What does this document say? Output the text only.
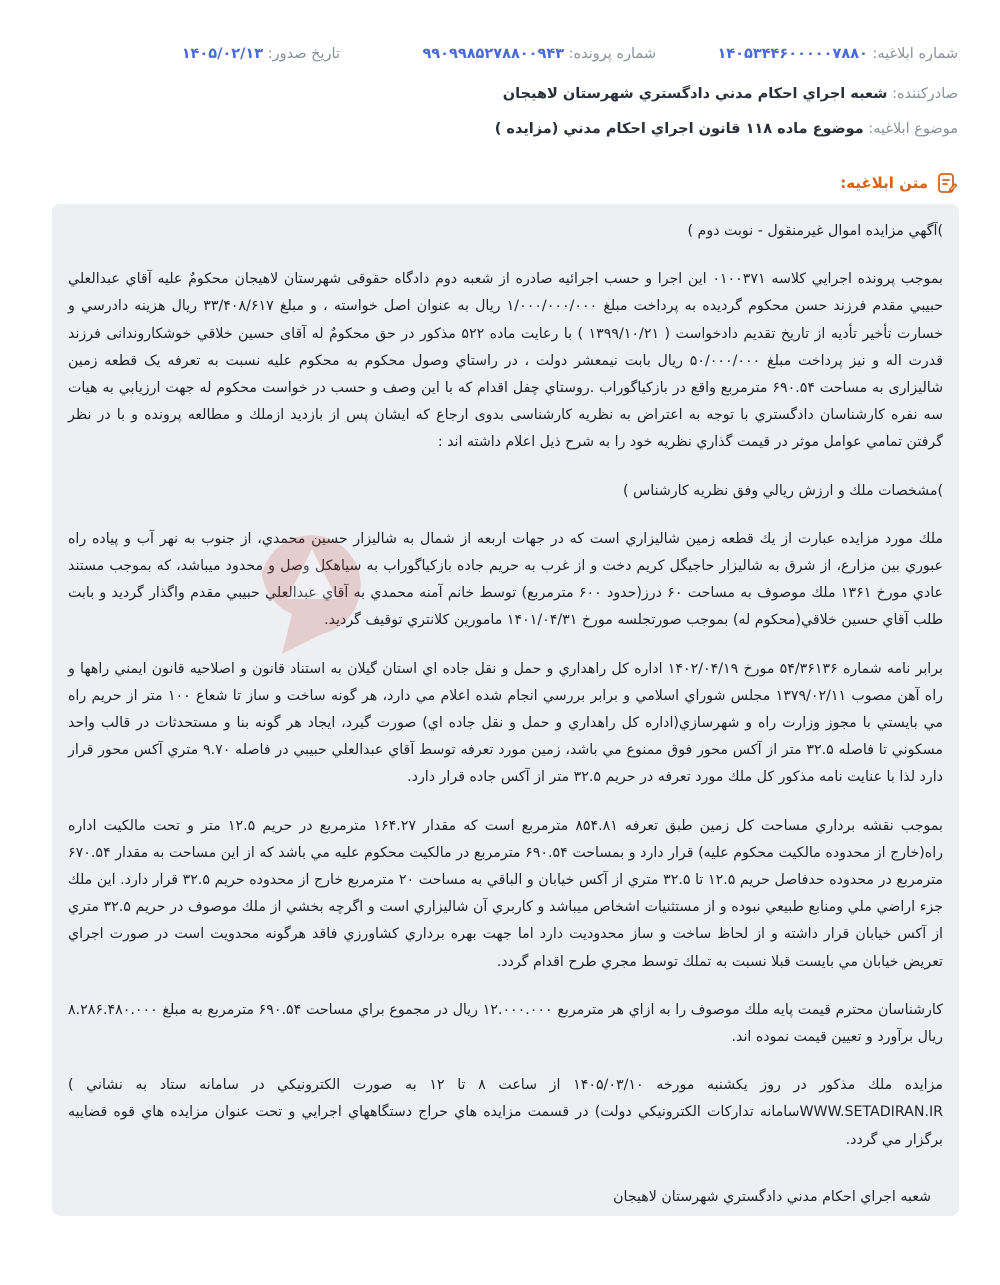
شماره ابلاغيه: ۱۴۰۵۳۴۴۶۰۰۰۰۰۷۸۸۰
شماره پرونده: ۹۹۰۹۹۸۵۲۷۸۸۰۰۹۴۳
تاريخ صدور: ۱۴۰۵/۰۲/۱۳
صادرکننده: شعبه اجراي احكام مدني دادگستري شهرستان لاهيجان
موضوع ابلاغيه: موضوع ماده ۱۱۸ قانون اجراي احكام مدني (مزايده )
متن ابلاغيه:

)آگهي مزايده اموال غيرمنقول - نوبت دوم )

بموجب پرونده اجرايي كلاسه ۰۱۰۰۳۷۱ اين اجرا و حسب اجرائيه صادره از شعبه دوم دادگاه حقوقی شهرستان لاهيجان محكومٌ عليه آقاي عبدالعلي حبيبي مقدم فرزند حسن محكوم گرديده به پرداخت مبلغ ۱/۰۰۰/۰۰۰/۰۰۰ ريال به عنوان اصل خواسته ، و مبلغ ۳۳/۴۰۸/۶۱۷ ريال هزينه دادرسي و خسارت تأخير تأديه از تاريخ تقديم دادخواست ( ۱۳۹۹/۱۰/۲۱ ) با رعايت ماده ۵۲۲ مذكور در حق محكومٌ له آقای حسين خلاقي خوشكاروندانی فرزند قدرت اله و نيز پرداخت مبلغ ۵۰/۰۰۰/۰۰۰ ريال بابت نيمعشر دولت ، در راستاي وصول محكوم به محكوم عليه نسبت به تعرفه يک قطعه زمين شاليزاری به مساحت ۶۹۰.۵۴ مترمربع واقع در بازكياگوراب .روستاي چفل اقدام كه با اين وصف و حسب در خواست محكوم له جهت ارزيابي به هيات سه نفره كارشناسان دادگستري با توجه به اعتراض به نظريه كارشناسی بدوی ارجاع كه ايشان پس از بازديد ازملك و مطالعه پرونده و با در نظر گرفتن تمامي عوامل موثر در قيمت گذاري نظريه خود را به شرح ذيل اعلام داشته اند :

)مشخصات ملك و ارزش ريالي وفق نظريه كارشناس )

ملك مورد مزايده عبارت از يك قطعه زمين شاليزاري است كه در جهات اربعه از شمال به شاليزار حسين محمدي، از جنوب به نهر آب و پياده راه عبوري بين مزارع، از شرق به شاليزار حاجيگل كريم دخت و از غرب به حريم جاده بازكياگوراب به سياهكل وصل و محدود ميباشد، كه بموجب مستند عادي مورخ ۱۳۶۱ ملك موصوف به مساحت ۶۰ درز(حدود ۶۰۰ مترمربع) توسط خانم آمنه محمدي به آقاي عبدالعلي حبيبي مقدم واگذار گرديد و بابت طلب آقاي حسين خلاقي(محكوم له) بموجب صورتجلسه مورخ ۱۴۰۱/۰۴/۳۱ مامورين كلانتري توقيف گرديد.

برابر نامه شماره ۵۴/۳۶۱۳۶ مورخ ۱۴۰۲/۰۴/۱۹ اداره كل راهداري و حمل و نقل جاده اي استان گيلان به استناد قانون و اصلاحيه قانون ايمني راهها و راه آهن مصوب ۱۳۷۹/۰۲/۱۱ مجلس شوراي اسلامي و برابر بررسي انجام شده اعلام مي دارد، هر گونه ساخت و ساز تا شعاع ۱۰۰ متر از حريم راه مي بايستي با مجوز وزارت راه و شهرسازي(اداره كل راهداري و حمل و نقل جاده اي) صورت گيرد، ايجاد هر گونه بنا و مستحدثات در قالب واحد مسكوني تا فاصله ۳۲.۵ متر از آكس محور فوق ممنوع مي باشد، زمين مورد تعرفه توسط آقاي عبدالعلي حبيبي در فاصله ۹.۷۰ متري آكس محور قرار دارد لذا با عنايت نامه مذكور كل ملك مورد تعرفه در حريم ۳۲.۵ متر از آكس جاده قرار دارد.

بموجب نقشه برداري مساحت كل زمين طبق تعرفه ۸۵۴.۸۱ مترمربع است كه مقدار ۱۶۴.۲۷ مترمربع در حريم ۱۲.۵ متر و تحت مالكيت اداره راه(خارج از محدوده مالكيت محكوم عليه) قرار دارد و بمساحت ۶۹۰.۵۴ مترمربع در مالكيت محكوم عليه مي باشد كه از اين مساحت به مقدار ۶۷۰.۵۴ مترمربع در محدوده حدفاصل حريم ۱۲.۵ تا ۳۲.۵ متري از آكس خيابان و الباقي به مساحت ۲۰ مترمربع خارج از محدوده حريم ۳۲.۵ قرار دارد. اين ملك جزء اراضي ملي ومنابع طبيعي نبوده و از مستثنيات اشخاص ميباشد و كاربري آن شاليزاري است و اگرچه بخشي از ملك موصوف در حريم ۳۲.۵ متري از آكس خيابان قرار داشته و از لحاظ ساخت و ساز محدوديت دارد اما جهت بهره برداري كشاورزي فاقد هرگونه محدويت است در صورت اجراي تعريض خيابان مي بايست قبلا نسبت به تملك توسط مجري طرح اقدام گردد.

كارشناسان محترم قيمت پايه ملك موصوف را به ازاي هر مترمربع ۱۲.۰۰۰.۰۰۰ ريال در مجموع براي مساحت ۶۹۰.۵۴ مترمربع به مبلغ ۸.۲۸۶.۴۸۰.۰۰۰ ريال برآورد و تعيين قيمت نموده اند.

مزايده ملك مذكور در روز يكشنبه مورخه ۱۴۰۵/۰۳/۱۰ از ساعت ۸ تا ۱۲ به صورت الكترونيكي در سامانه ستاد به نشاني ) WWW.SETADIRAN.IRسامانه تداركات الكترونيكي دولت) در قسمت مزايده هاي حراج دستگاههاي اجرايي و تحت عنوان مزايده هاي قوه قضاييه برگزار مي گردد.

شعبه اجراي احكام مدني دادگستري شهرستان لاهيجان
